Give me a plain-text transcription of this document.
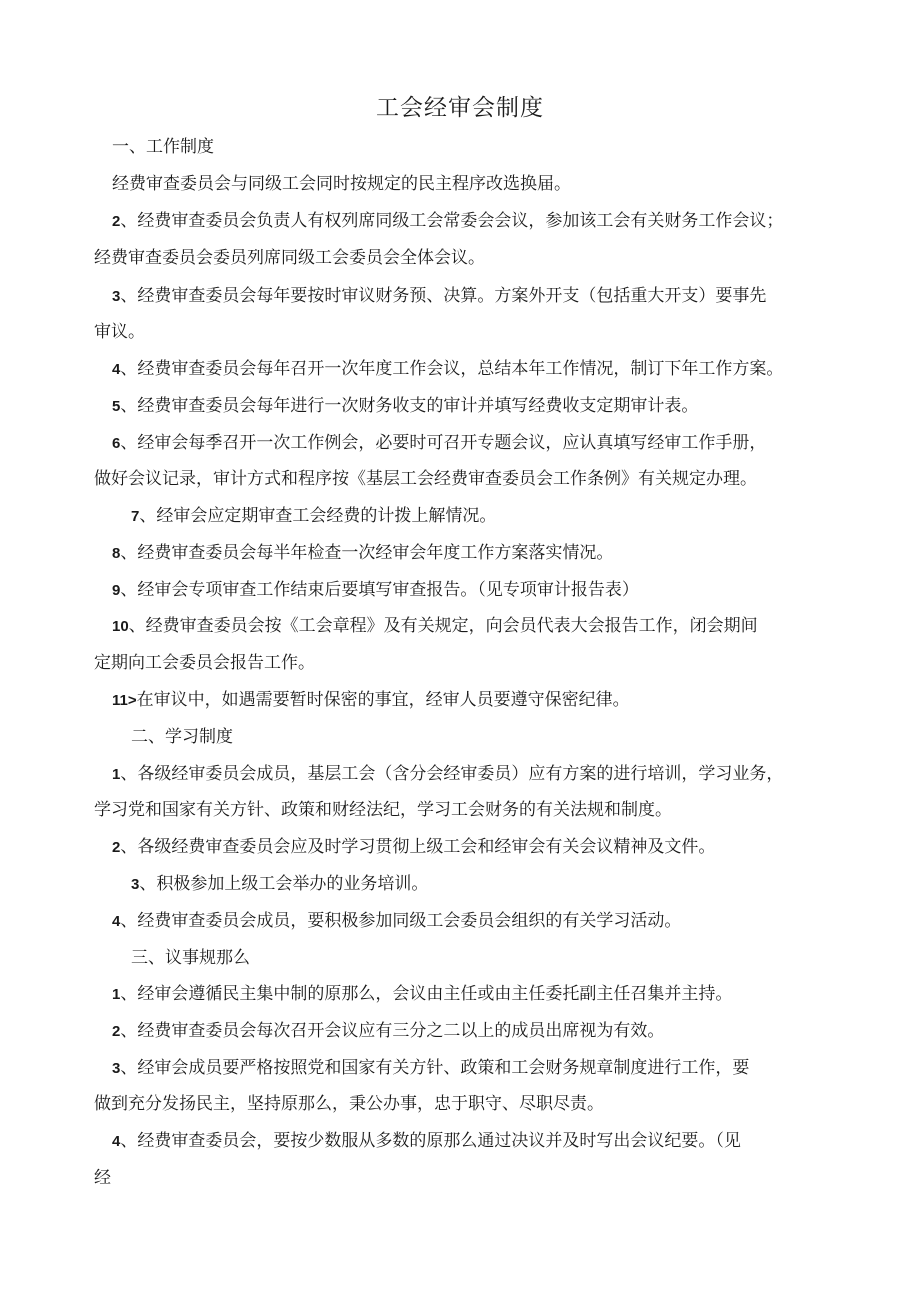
工会经审会制度
一、工作制度
经费审查委员会与同级工会同时按规定的民主程序改选换届。
2、经费审查委员会负责人有权列席同级工会常委会会议，参加该工会有关财务工作会议；
经费审查委员会委员列席同级工会委员会全体会议。
3、经费审查委员会每年要按时审议财务预、决算。方案外开支（包括重大开支）要事先
审议。
4、经费审查委员会每年召开一次年度工作会议，总结本年工作情况，制订下年工作方案。
5、经费审查委员会每年进行一次财务收支的审计并填写经费收支定期审计表。
6、经审会每季召开一次工作例会，必要时可召开专题会议，应认真填写经审工作手册，
做好会议记录，审计方式和程序按《基层工会经费审查委员会工作条例》有关规定办理。
7、经审会应定期审查工会经费的计拨上解情况。
8、经费审查委员会每半年检查一次经审会年度工作方案落实情况。
9、经审会专项审查工作结束后要填写审查报告。（见专项审计报告表）
10、经费审查委员会按《工会章程》及有关规定，向会员代表大会报告工作，闭会期间
定期向工会委员会报告工作。
11>在审议中，如遇需要暂时保密的事宜，经审人员要遵守保密纪律。
二、学习制度
1、各级经审委员会成员，基层工会（含分会经审委员）应有方案的进行培训，学习业务，
学习党和国家有关方针、政策和财经法纪，学习工会财务的有关法规和制度。
2、各级经费审查委员会应及时学习贯彻上级工会和经审会有关会议精神及文件。
3、积极参加上级工会举办的业务培训。
4、经费审查委员会成员，要积极参加同级工会委员会组织的有关学习活动。
三、议事规那么
1、经审会遵循民主集中制的原那么，会议由主任或由主任委托副主任召集并主持。
2、经费审查委员会每次召开会议应有三分之二以上的成员出席视为有效。
3、经审会成员要严格按照党和国家有关方针、政策和工会财务规章制度进行工作，要
做到充分发扬民主，坚持原那么，秉公办事，忠于职守、尽职尽责。
4、经费审查委员会，要按少数服从多数的原那么通过决议并及时写出会议纪要。（见
经
